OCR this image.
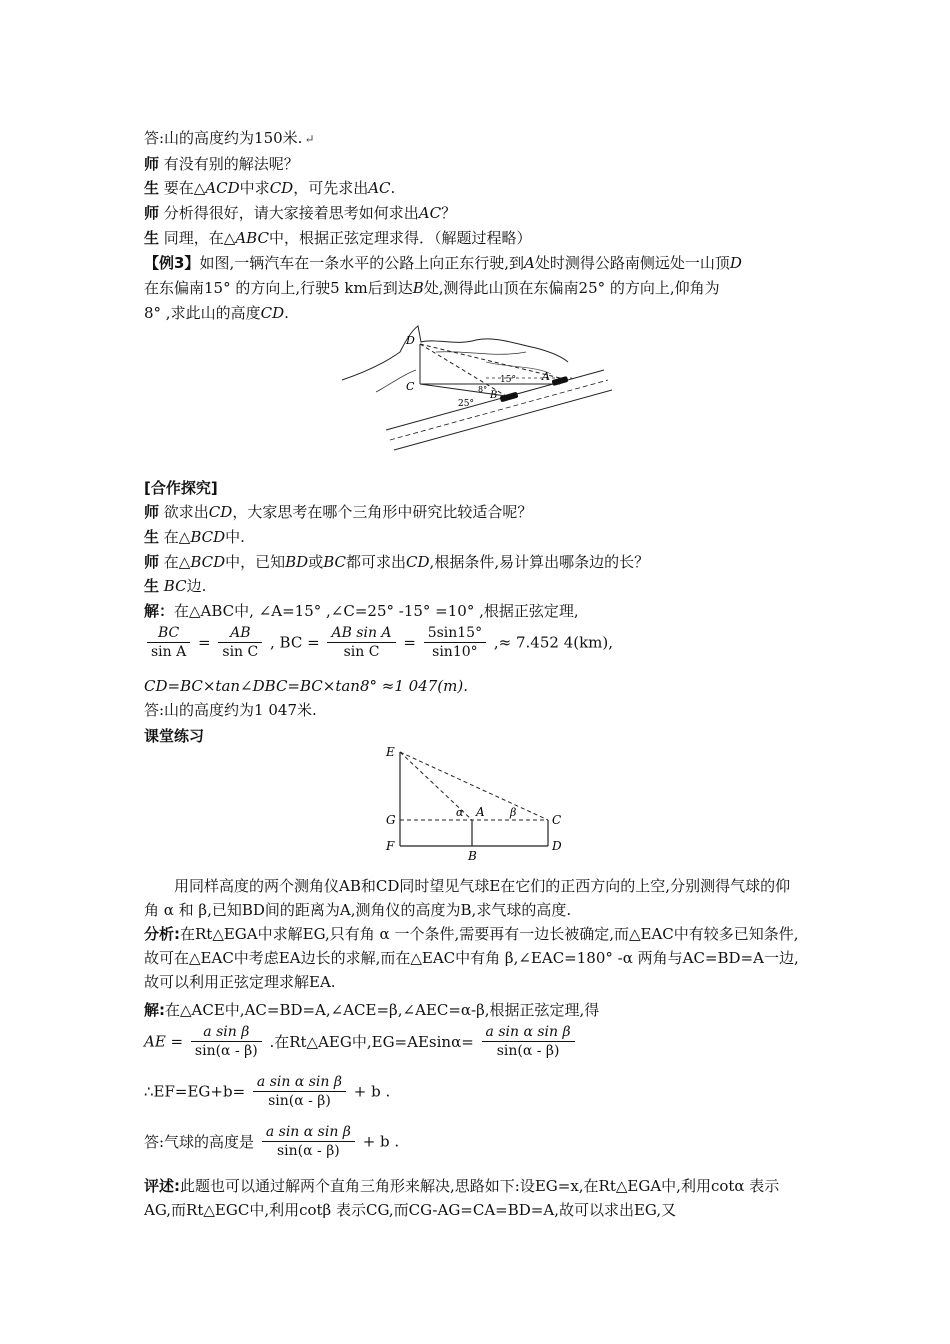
答:山的高度约为150米. ↵
师 有没有别的解法呢？
生 要在△ACD中求CD，可先求出AC.
师 分析得很好，请大家接着思考如何求出AC？
生 同理，在△ABC中，根据正弦定理求得．（解题过程略）
【例3】如图,一辆汽车在一条水平的公路上向正东行驶,到A处时测得公路南侧远处一山顶D
在东偏南15° 的方向上,行驶5 km后到达B处,测得此山顶在东偏南25° 的方向上,仰角为
8° ,求此山的高度CD.
D
C
B
A
15°
25°
8°
[合作探究]
师 欲求出CD，大家思考在哪个三角形中研究比较适合呢？
生 在△BCD中.
师 在△BCD中，已知BD或BC都可求出CD,根据条件,易计算出哪条边的长？
生 BC边.
解：在△ABC中, ∠A=15° ,∠C=25° -15° =10° ,根据正弦定理,
$\frac{BC}{\text{sin A}} = \frac{AB}{\text{sin C}}$ , BC = $\frac{\text{AB sin A}}{\text{sin C}} = \frac{5\sin 15^\circ}{\sin 10^\circ}$ ,≈ 7.452 4(km),
CD=BC×tan∠DBC=BC×tan8° ≈1 047(m).
答:山的高度约为1 047米.
课堂练习
E
G
F
A
B
C
D
α	β
用同样高度的两个测角仪AB和CD同时望见气球E在它们的正西方向的上空,分别测得气球的仰角 α 和 β,已知BD间的距离为A,测角仪的高度为B,求气球的高度.
分析:在Rt△EGA中求解EG,只有角 α 一个条件,需要再有一边长被确定,而△EAC中有较多已知条件,故可在△EAC中考虑EA边长的求解,而在△EAC中有角 β,∠EAC=180° -α 两角与AC=BD=A一边,故可以利用正弦定理求解EA.
解:在△ACE中,AC=BD=A,∠ACE=β,∠AEC=α-β,根据正弦定理,得
AE = $\frac{\text{a sin β}}{\sin(\alpha - \beta)}$ .在Rt△AEG中$,EG=AEsin\alpha= \frac{\text{a sin α sin β}}{\sin(\alpha - \beta)}$
∴EF=EG+b= $\frac{\text{a sin α sin β}}{\sin(\alpha - \beta)} + b$ .
答:气球的高度是 $\frac{\text{a sin α sin β}}{\sin(\alpha - \beta)} + b$ .
评述:此题也可以通过解两个直角三角形来解决,思路如下:设EG=x,在Rt△EGA中,利用cotα 表示AG,而Rt△EGC中,利用cotβ 表示CG,而CG-AG=CA=BD=A,故可以求出EG,又
